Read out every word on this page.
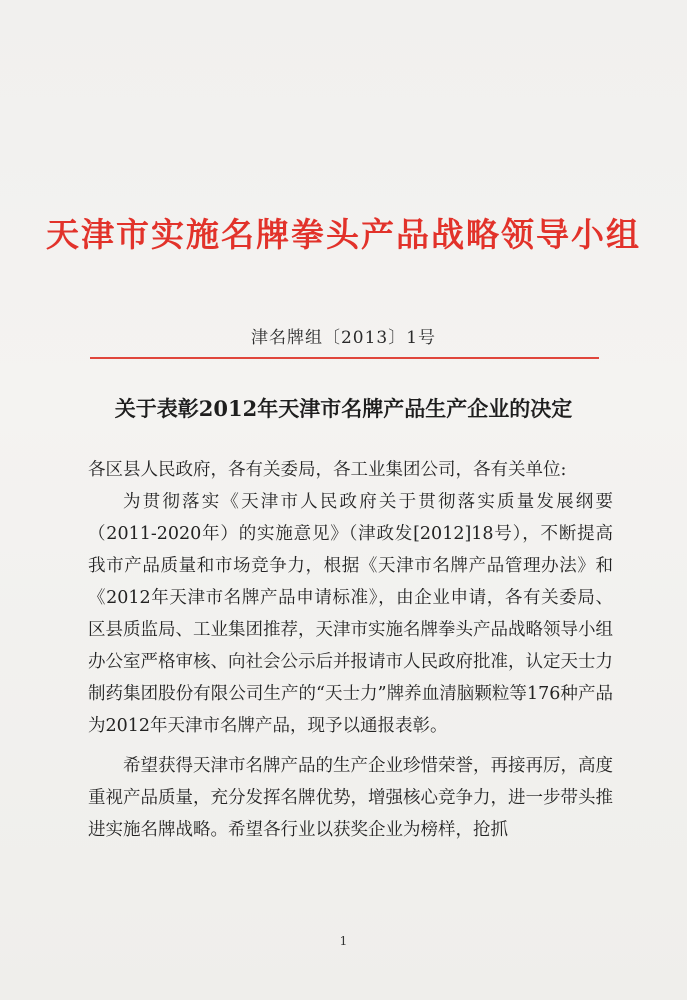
天津市实施名牌拳头产品战略领导小组
津名牌组〔2013〕1号
关于表彰2012年天津市名牌产品生产企业的决定

各区县人民政府，各有关委局，各工业集团公司，各有关单位:

为贯彻落实《天津市人民政府关于贯彻落实质量发展纲要（2011-2020年）的实施意见》（津政发[2012]18号），不断提高我市产品质量和市场竞争力，根据《天津市名牌产品管理办法》和《2012年天津市名牌产品申请标准》，由企业申请，各有关委局、区县质监局、工业集团推荐，天津市实施名牌拳头产品战略领导小组办公室严格审核、向社会公示后并报请市人民政府批准，认定天士力制药集团股份有限公司生产的“天士力”牌养血清脑颗粒等176种产品为2012年天津市名牌产品，现予以通报表彰。

希望获得天津市名牌产品的生产企业珍惜荣誉，再接再厉，高度重视产品质量，充分发挥名牌优势，增强核心竞争力，进一步带头推进实施名牌战略。希望各行业以获奖企业为榜样，抢抓

1
